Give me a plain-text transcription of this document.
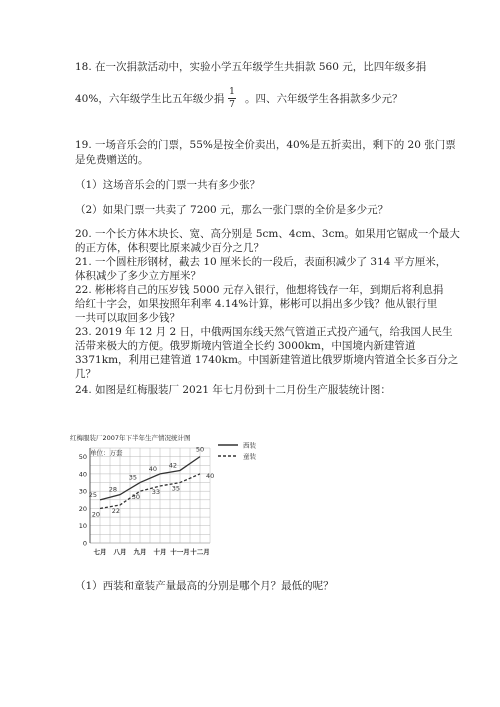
18. 在一次捐款活动中，实验小学五年级学生共捐款 560 元，比四年级多捐
40%，六年级学生比五年级少捐
1
7 。四、六年级学生各捐款多少元？
19. 一场音乐会的门票，55%是按全价卖出，40%是五折卖出，剩下的 20 张门票
是免费赠送的。
（1）这场音乐会的门票一共有多少张？
（2）如果门票一共卖了 7200 元，那么一张门票的全价是多少元？
20. 一个长方体木块长、宽、高分别是 5cm、4cm、3cm。如果用它锯成一个最大
的正方体，体积要比原来减少百分之几？
21. 一个圆柱形钢材，截去 10 厘米长的一段后，表面积减少了 314 平方厘米，
体积减少了多少立方厘米？
22. 彬彬将自己的压岁钱 5000 元存入银行，他想将钱存一年，到期后将利息捐
给红十字会，如果按照年利率 4.14%计算，彬彬可以捐出多少钱？他从银行里
一共可以取回多少钱？
23. 2019 年 12 月 2 日，中俄两国东线天然气管道正式投产通气，给我国人民生
活带来极大的方便。俄罗斯境内管道全长约 3000km，中国境内新建管道
3371km，利用已建管道 1740km。中国新建管道比俄罗斯境内管道全长多百分之
几？
24. 如图是红梅服装厂 2021 年七月份到十二月份生产服装统计图：
红梅服装厂2007年下半年生产情况统计图
单位：万套
0
10
20
30
40
50
七月 八月 九月 十月 十一月 十二月
25
28
35
40 42
50
20 22
30
33 35
40
西装
童装
（1）西装和童装产量最高的分别是哪个月？最低的呢？
